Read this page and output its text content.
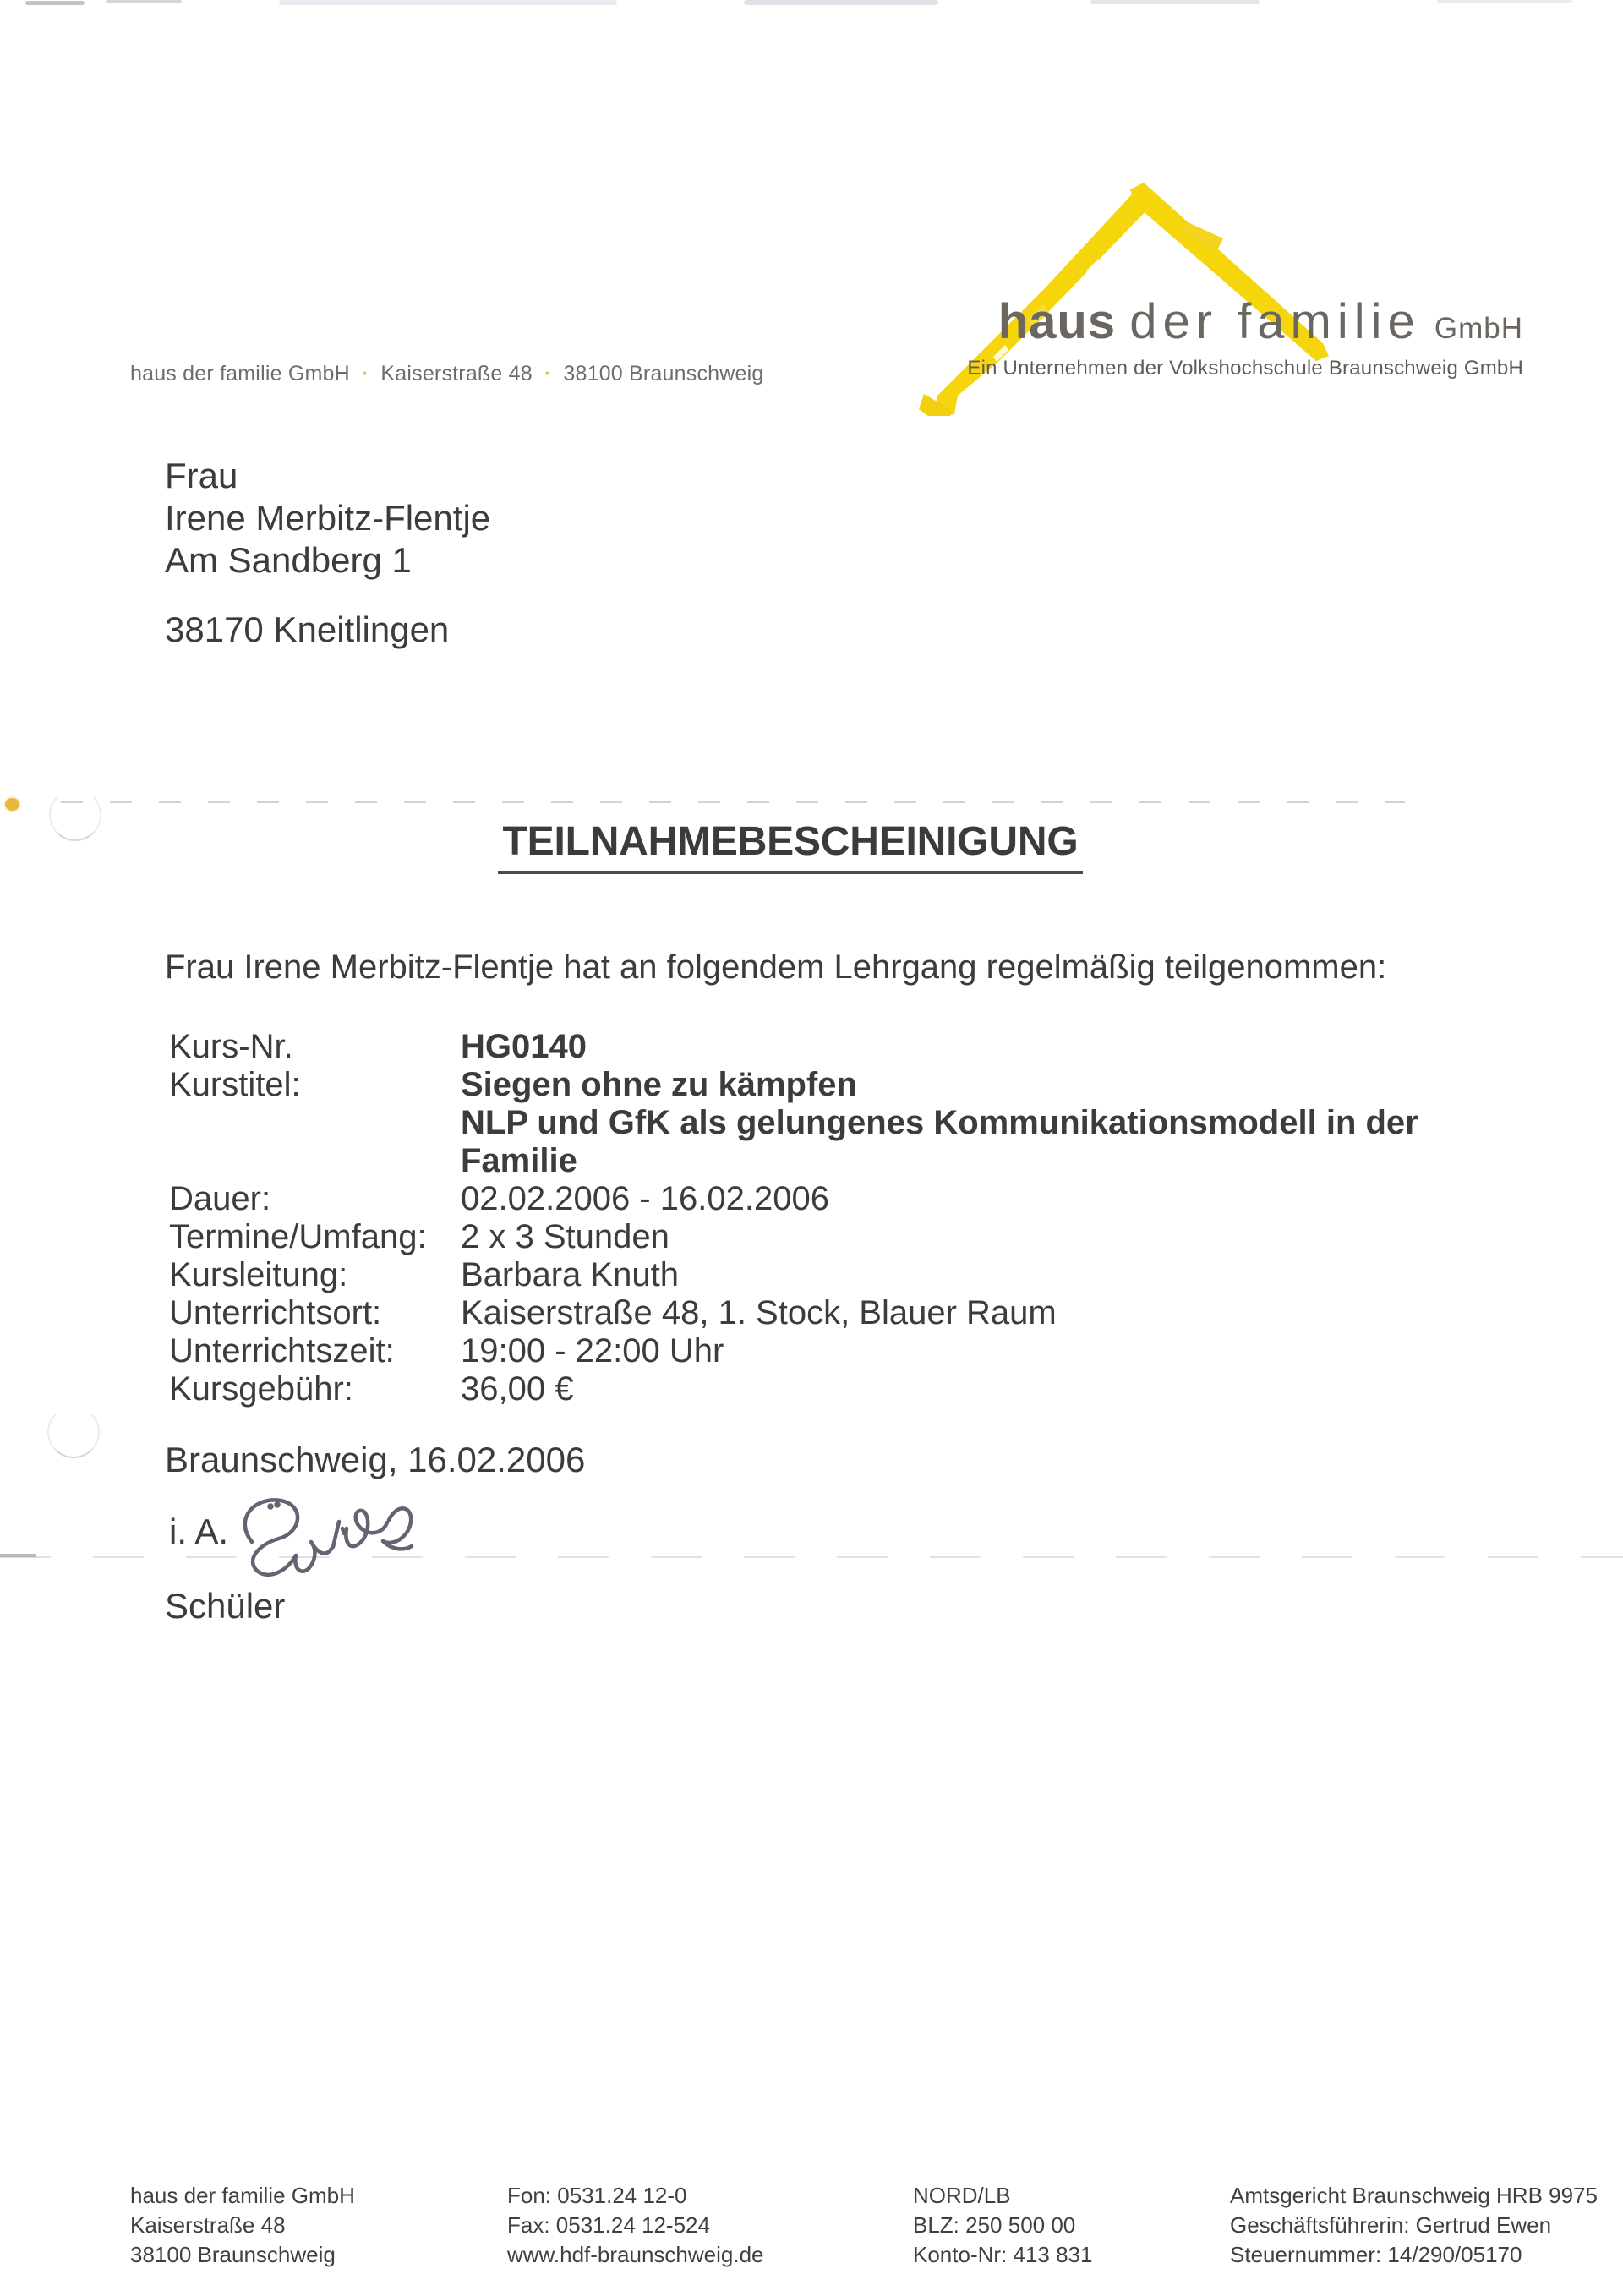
haus der familie GmbH
Ein Unternehmen der Volkshochschule Braunschweig GmbH
haus der familie GmbH · Kaiserstraße 48 · 38100 Braunschweig
Frau
Irene Merbitz-Flentje
Am Sandberg 1
38170 Kneitlingen
TEILNAHMEBESCHEINIGUNG
Frau Irene Merbitz-Flentje hat an folgendem Lehrgang regelmäßig teilgenommen:
Kurs-Nr.	HG0140
Kurstitel:	Siegen ohne zu kämpfen
NLP und GfK als gelungenes Kommunikationsmodell in der
Familie
Dauer:	02.02.2006 - 16.02.2006
Termine/Umfang:	2 x 3 Stunden
Kursleitung:	Barbara Knuth
Unterrichtsort:	Kaiserstraße 48, 1. Stock, Blauer Raum
Unterrichtszeit:	19:00 - 22:00 Uhr
Kursgebühr:	36,00 €
Braunschweig, 16.02.2006
i. A.
Schüler
haus der familie GmbH
Kaiserstraße 48
38100 Braunschweig
Fon: 0531.24 12-0
Fax: 0531.24 12-524
www.hdf-braunschweig.de
NORD/LB
BLZ: 250 500 00
Konto-Nr: 413 831
Amtsgericht Braunschweig HRB 9975
Geschäftsführerin: Gertrud Ewen
Steuernummer: 14/290/05170
